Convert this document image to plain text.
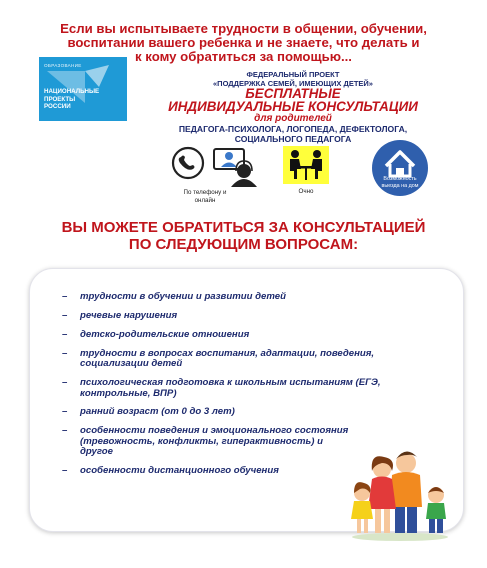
Если вы испытываете трудности в общении, обучении,
воспитании вашего ребенка и не знаете, что делать и
к кому обратиться за помощью...
ОБРАЗОВАНИЕ
НАЦИОНАЛЬНЫЕ
ПРОЕКТЫ
РОССИИ
ФЕДЕРАЛЬНЫЙ ПРОЕКТ
«ПОДДЕРЖКА СЕМЕЙ, ИМЕЮЩИХ ДЕТЕЙ»
БЕСПЛАТНЫЕ
ИНДИВИДУАЛЬНЫЕ КОНСУЛЬТАЦИИ
для родителей
ПЕДАГОГА-ПСИХОЛОГА, ЛОГОПЕДА, ДЕФЕКТОЛОГА,
СОЦИАЛЬНОГО ПЕДАГОГА
По телефону и
онлайн
Очно
Возможность
выезда на дом
ВЫ МОЖЕТЕ ОБРАТИТЬСЯ ЗА КОНСУЛЬТАЦИЕЙ
ПО СЛЕДУЮЩИМ ВОПРОСАМ:
– трудности в обучении и развитии детей
– речевые нарушения
– детско-родительские отношения
– трудности в вопросах воспитания, адаптации, поведения, социализации детей
– психологическая подготовка к школьным испытаниям (ЕГЭ, контрольные, ВПР)
– ранний возраст (от 0 до 3 лет)
– особенности поведения и эмоционального состояния (тревожность, конфликты, гиперактивность) и другое
– особенности дистанционного обучения
